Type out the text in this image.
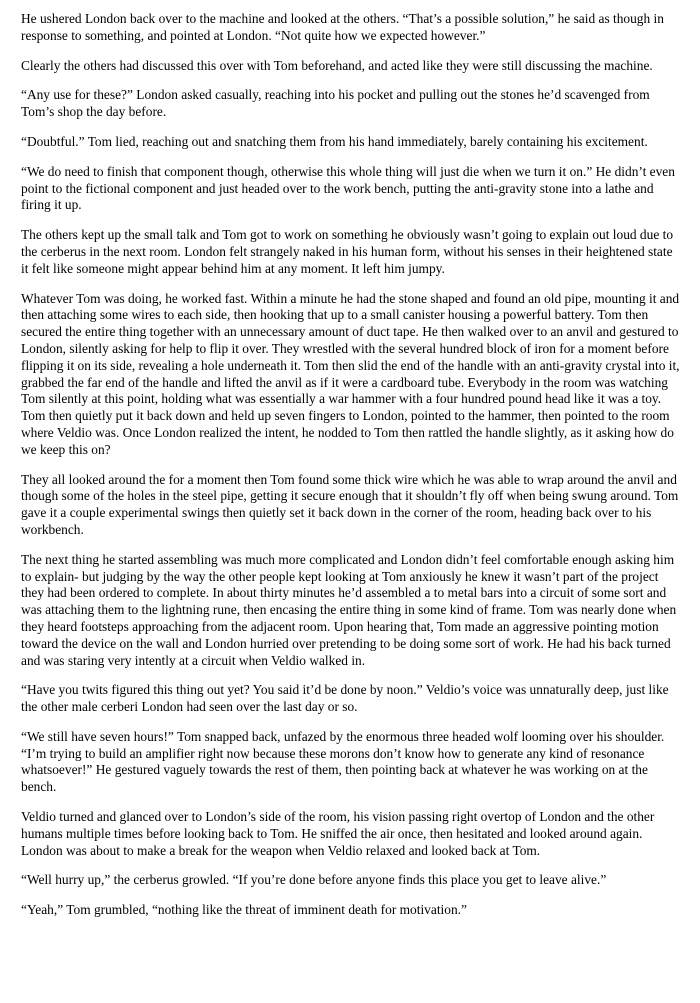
He ushered London back over to the machine and looked at the others. “That’s a possible solution,” he said as though in response to something, and pointed at London. “Not quite how we expected however.”

Clearly the others had discussed this over with Tom beforehand, and acted like they were still discussing the machine.

“Any use for these?” London asked casually, reaching into his pocket and pulling out the stones he’d scavenged from Tom’s shop the day before.

“Doubtful.” Tom lied, reaching out and snatching them from his hand immediately, barely containing his excitement.

“We do need to finish that component though, otherwise this whole thing will just die when we turn it on.” He didn’t even point to the fictional component and just headed over to the work bench, putting the anti-gravity stone into a lathe and firing it up.

The others kept up the small talk and Tom got to work on something he obviously wasn’t going to explain out loud due to the cerberus in the next room. London felt strangely naked in his human form, without his senses in their heightened state it felt like someone might appear behind him at any moment. It left him jumpy.

Whatever Tom was doing, he worked fast. Within a minute he had the stone shaped and found an old pipe, mounting it and then attaching some wires to each side, then hooking that up to a small canister housing a powerful battery. Tom then secured the entire thing together with an unnecessary amount of duct tape. He then walked over to an anvil and gestured to London, silently asking for help to flip it over. They wrestled with the several hundred block of iron for a moment before flipping it on its side, revealing a hole underneath it. Tom then slid the end of the handle with an anti-gravity crystal into it, grabbed the far end of the handle and lifted the anvil as if it were a cardboard tube. Everybody in the room was watching Tom silently at this point, holding what was essentially a war hammer with a four hundred pound head like it was a toy. Tom then quietly put it back down and held up seven fingers to London, pointed to the hammer, then pointed to the room where Veldio was. Once London realized the intent, he nodded to Tom then rattled the handle slightly, as it asking how do we keep this on?

They all looked around the for a moment then Tom found some thick wire which he was able to wrap around the anvil and though some of the holes in the steel pipe, getting it secure enough that it shouldn’t fly off when being swung around. Tom gave it a couple experimental swings then quietly set it back down in the corner of the room, heading back over to his workbench.

The next thing he started assembling was much more complicated and London didn’t feel comfortable enough asking him to explain- but judging by the way the other people kept looking at Tom anxiously he knew it wasn’t part of the project they had been ordered to complete. In about thirty minutes he’d assembled a to metal bars into a circuit of some sort and was attaching them to the lightning rune, then encasing the entire thing in some kind of frame. Tom was nearly done when they heard footsteps approaching from the adjacent room. Upon hearing that, Tom made an aggressive pointing motion toward the device on the wall and London hurried over pretending to be doing some sort of work. He had his back turned and was staring very intently at a circuit when Veldio walked in.

“Have you twits figured this thing out yet? You said it’d be done by noon.” Veldio’s voice was unnaturally deep, just like the other male cerberi London had seen over the last day or so.

“We still have seven hours!” Tom snapped back, unfazed by the enormous three headed wolf looming over his shoulder. “I’m trying to build an amplifier right now because these morons don’t know how to generate any kind of resonance whatsoever!” He gestured vaguely towards the rest of them, then pointing back at whatever he was working on at the bench.

Veldio turned and glanced over to London’s side of the room, his vision passing right overtop of London and the other humans multiple times before looking back to Tom. He sniffed the air once, then hesitated and looked around again. London was about to make a break for the weapon when Veldio relaxed and looked back at Tom.

“Well hurry up,” the cerberus growled. “If you’re done before anyone finds this place you get to leave alive.”

“Yeah,” Tom grumbled, “nothing like the threat of imminent death for motivation.”
